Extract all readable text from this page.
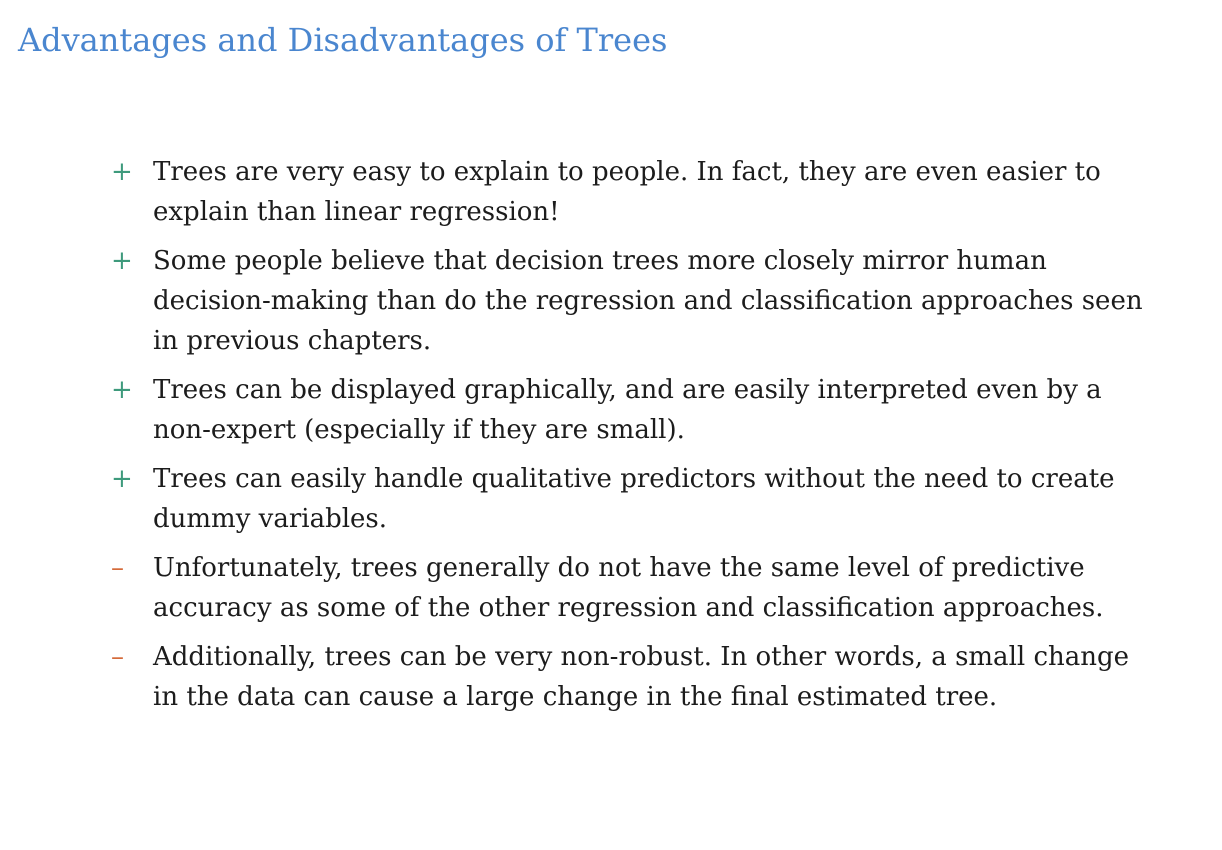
Advantages and Disadvantages of Trees
+ Trees are very easy to explain to people. In fact, they are even easier to explain than linear regression!
+ Some people believe that decision trees more closely mirror human decision-making than do the regression and classification approaches seen in previous chapters.
+ Trees can be displayed graphically, and are easily interpreted even by a non-expert (especially if they are small).
+ Trees can easily handle qualitative predictors without the need to create dummy variables.
–	Unfortunately, trees generally do not have the same level of predictive accuracy as some of the other regression and classification approaches.
–	Additionally, trees can be very non-robust. In other words, a small change in the data can cause a large change in the final estimated tree.
